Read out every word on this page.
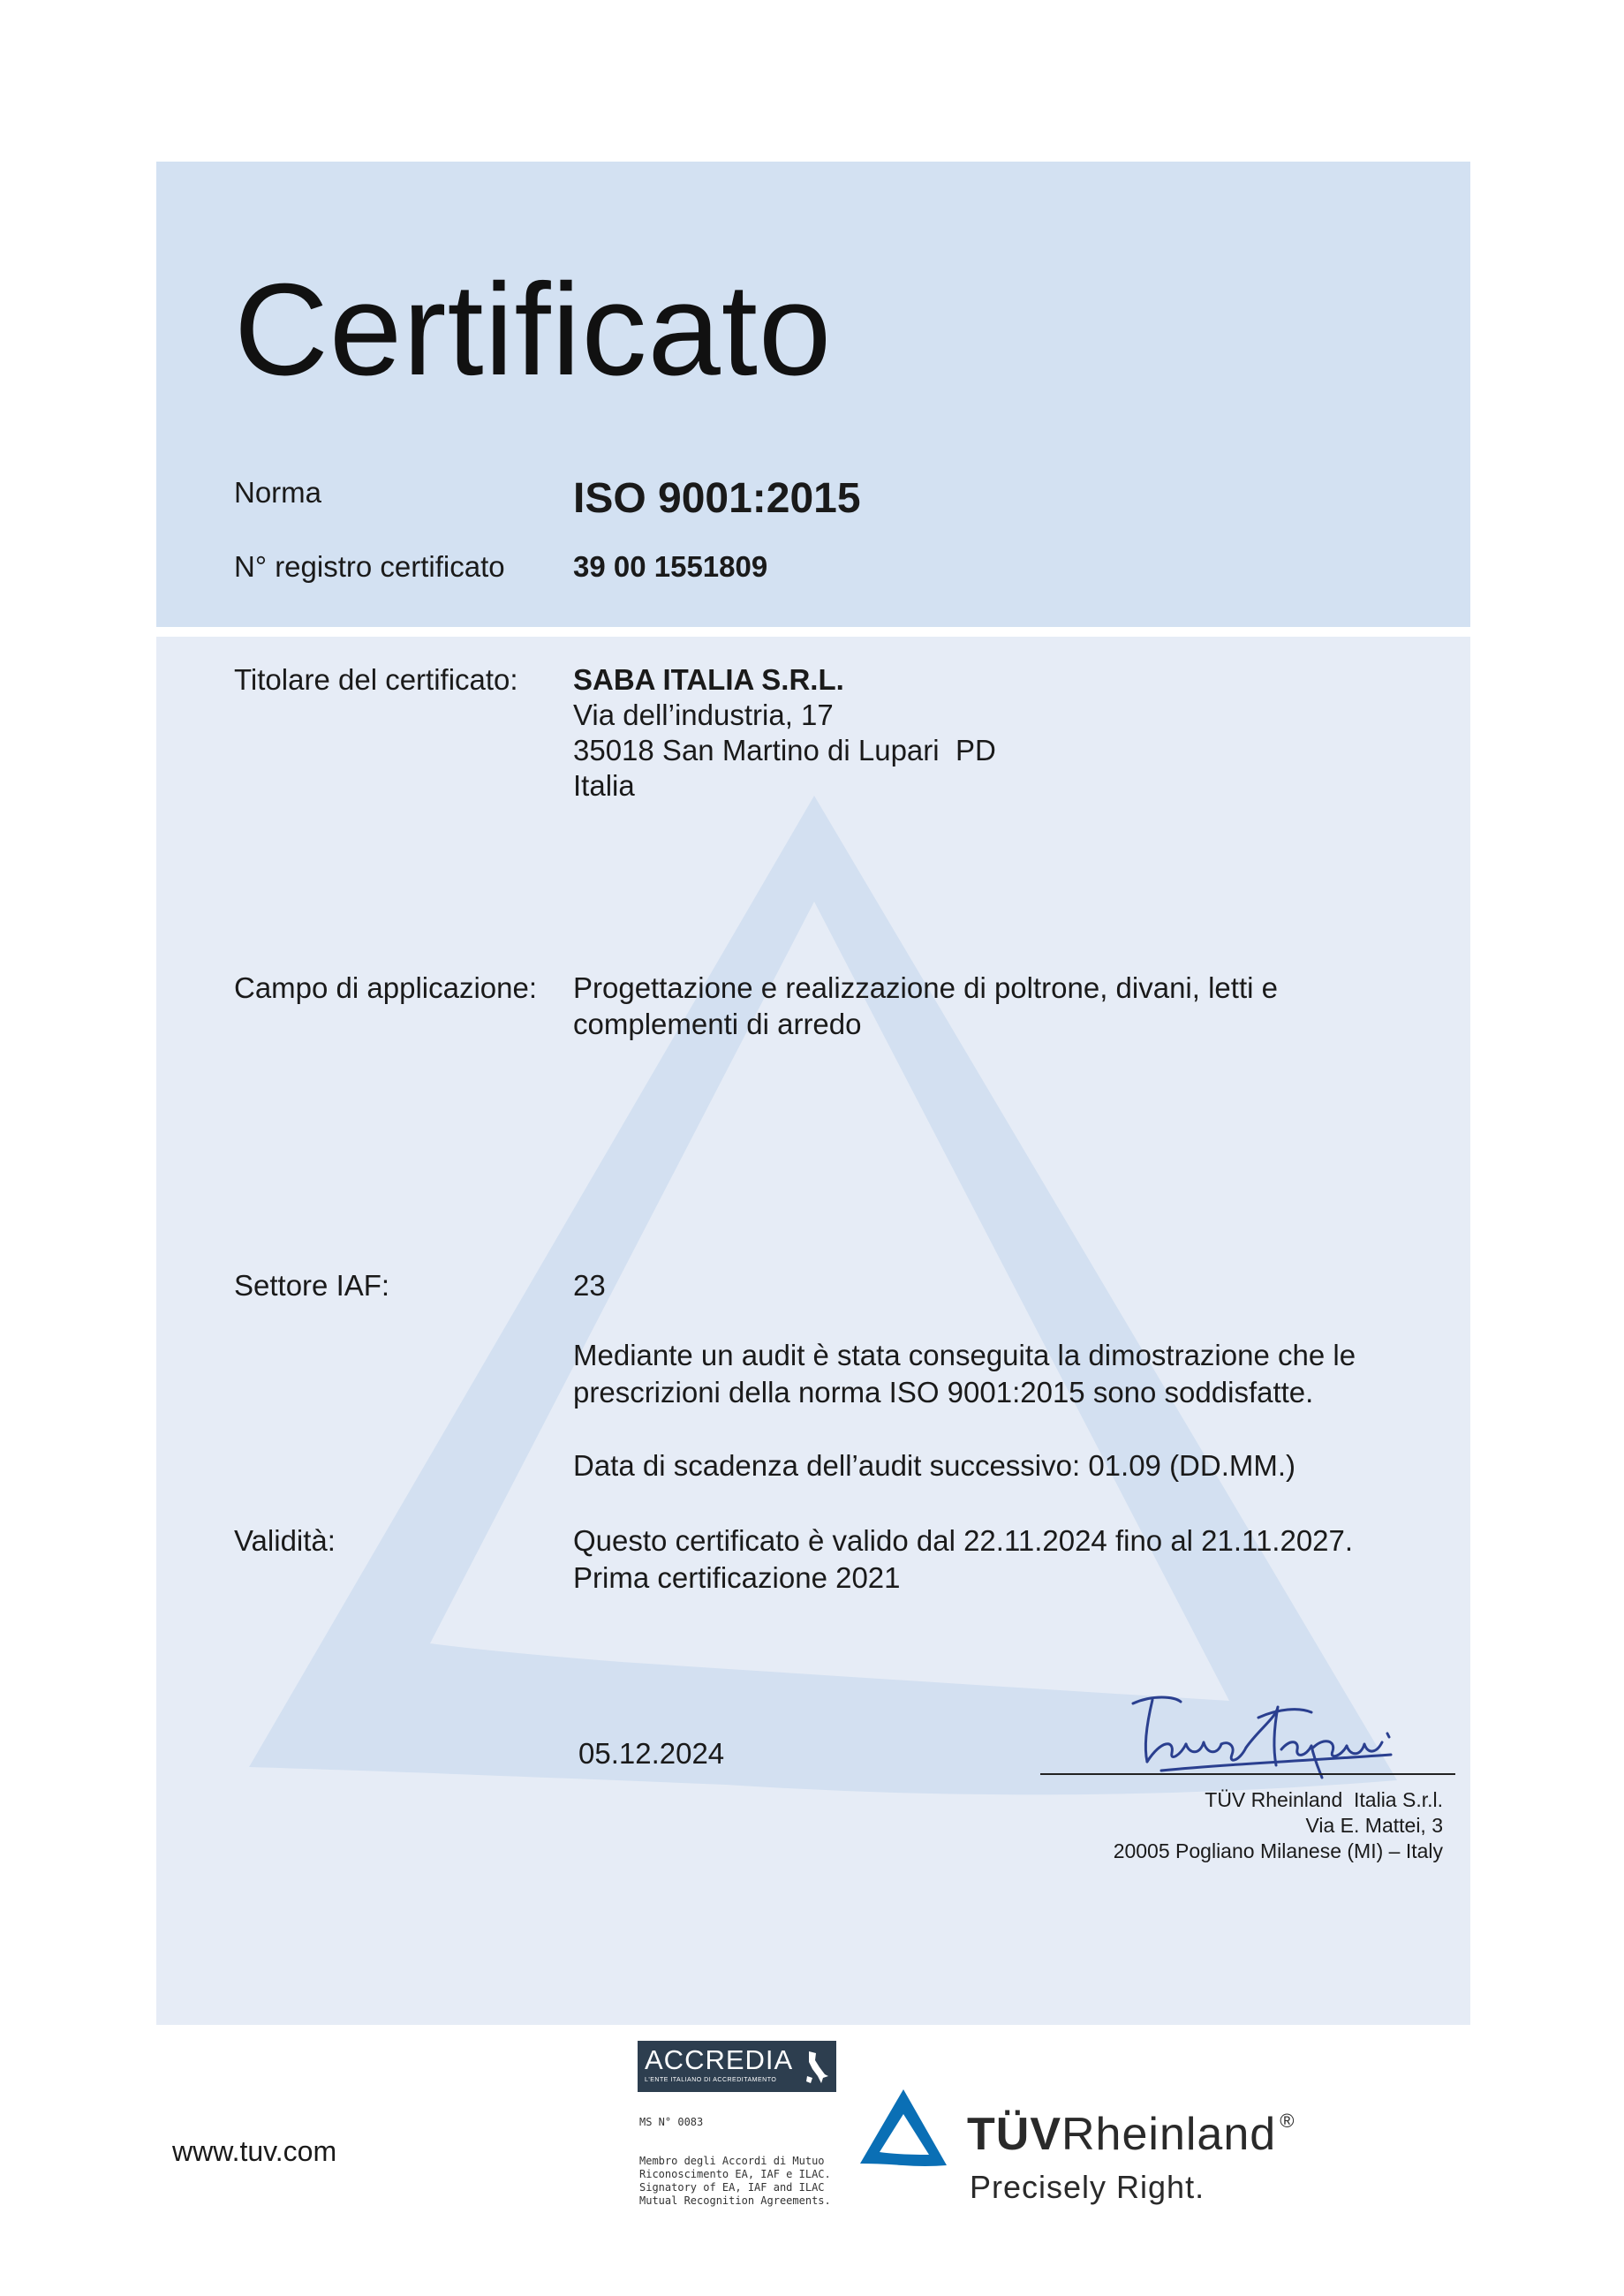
Certificato
Norma	ISO 9001:2015
N° registro certificato 39 00 1551809
Titolare del certificato: SABA ITALIA S.R.L.
Via dell’industria, 17
35018 San Martino di Lupari  PD
Italia
Campo di applicazione: Progettazione e realizzazione di poltrone, divani, letti e
complementi di arredo
Settore IAF:	23
Mediante un audit è stata conseguita la dimostrazione che le
prescrizioni della norma ISO 9001:2015 sono soddisfatte.
Data di scadenza dell’audit successivo: 01.09 (DD.MM.)
Validità:	Questo certificato è valido dal 22.11.2024 fino al 21.11.2027.
Prima certificazione 2021
05.12.2024
TÜV Rheinland  Italia S.r.l.
Via E. Mattei, 3
20005 Pogliano Milanese (MI) – Italy
www.tuv.com
ACCREDIA
L'ENTE ITALIANO DI ACCREDITAMENTO
MS N° 0083
Membro degli Accordi di Mutuo
Riconoscimento EA, IAF e ILAC.
Signatory of EA, IAF and ILAC
Mutual Recognition Agreements.
TÜVRheinland ®
Precisely Right.
